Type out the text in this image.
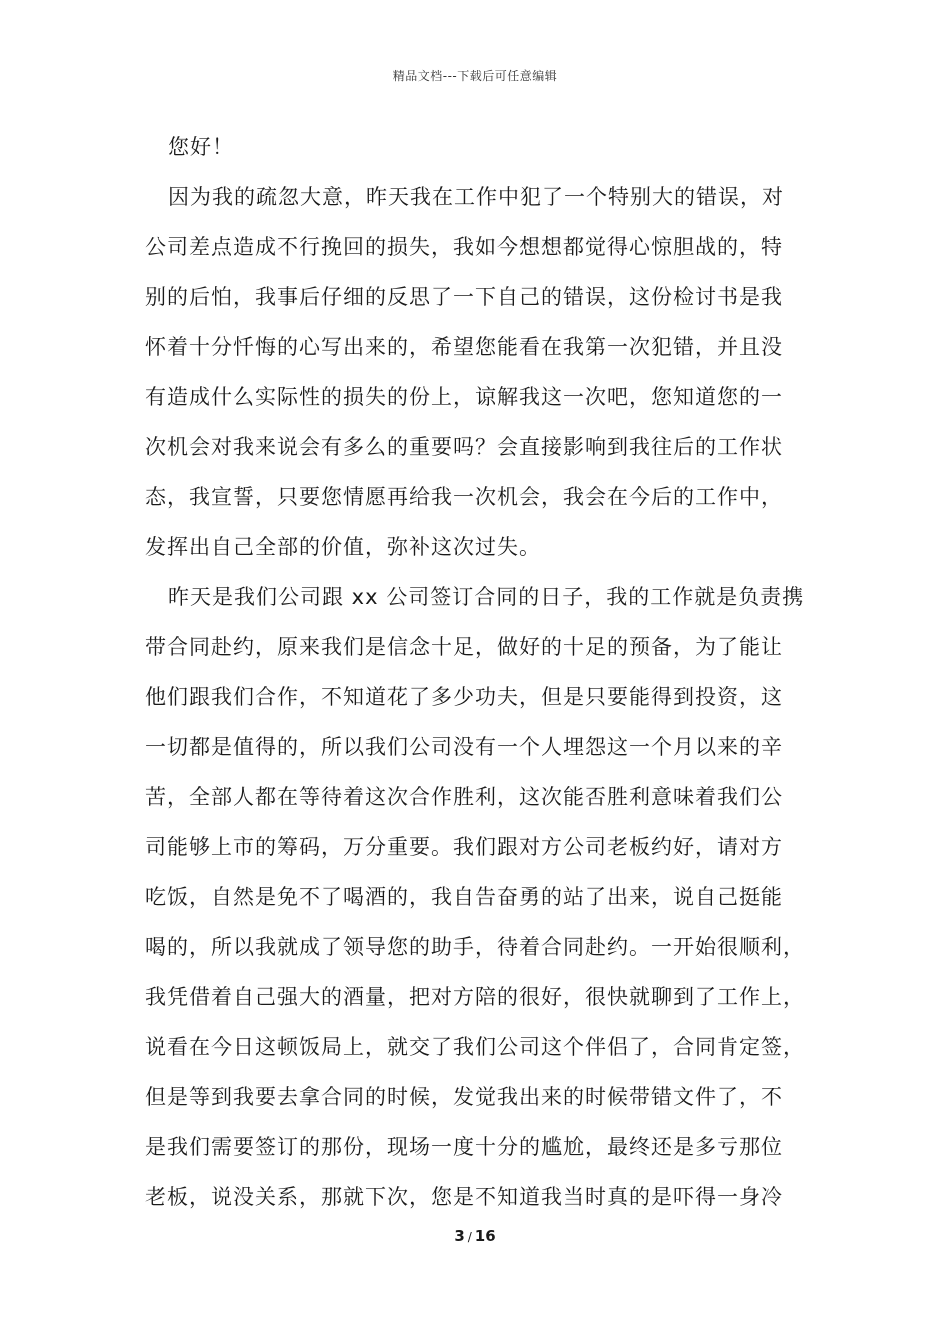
精品文档---下载后可任意编辑
您好！
因为我的疏忽大意，昨天我在工作中犯了一个特别大的错误，对
公司差点造成不行挽回的损失，我如今想想都觉得心惊胆战的，特
别的后怕，我事后仔细的反思了一下自己的错误，这份检讨书是我
怀着十分忏悔的心写出来的，希望您能看在我第一次犯错，并且没
有造成什么实际性的损失的份上，谅解我这一次吧，您知道您的一
次机会对我来说会有多么的重要吗？会直接影响到我往后的工作状
态，我宣誓，只要您情愿再给我一次机会，我会在今后的工作中，
发挥出自己全部的价值，弥补这次过失。
昨天是我们公司跟 xx 公司签订合同的日子，我的工作就是负责携
带合同赴约，原来我们是信念十足，做好的十足的预备，为了能让
他们跟我们合作，不知道花了多少功夫，但是只要能得到投资，这
一切都是值得的，所以我们公司没有一个人埋怨这一个月以来的辛
苦，全部人都在等待着这次合作胜利，这次能否胜利意味着我们公
司能够上市的筹码，万分重要。我们跟对方公司老板约好，请对方
吃饭，自然是免不了喝酒的，我自告奋勇的站了出来，说自己挺能
喝的，所以我就成了领导您的助手，待着合同赴约。一开始很顺利，
我凭借着自己强大的酒量，把对方陪的很好，很快就聊到了工作上，
说看在今日这顿饭局上，就交了我们公司这个伴侣了，合同肯定签，
但是等到我要去拿合同的时候，发觉我出来的时候带错文件了，不
是我们需要签订的那份，现场一度十分的尴尬，最终还是多亏那位
老板，说没关系，那就下次，您是不知道我当时真的是吓得一身冷
3 / 16
